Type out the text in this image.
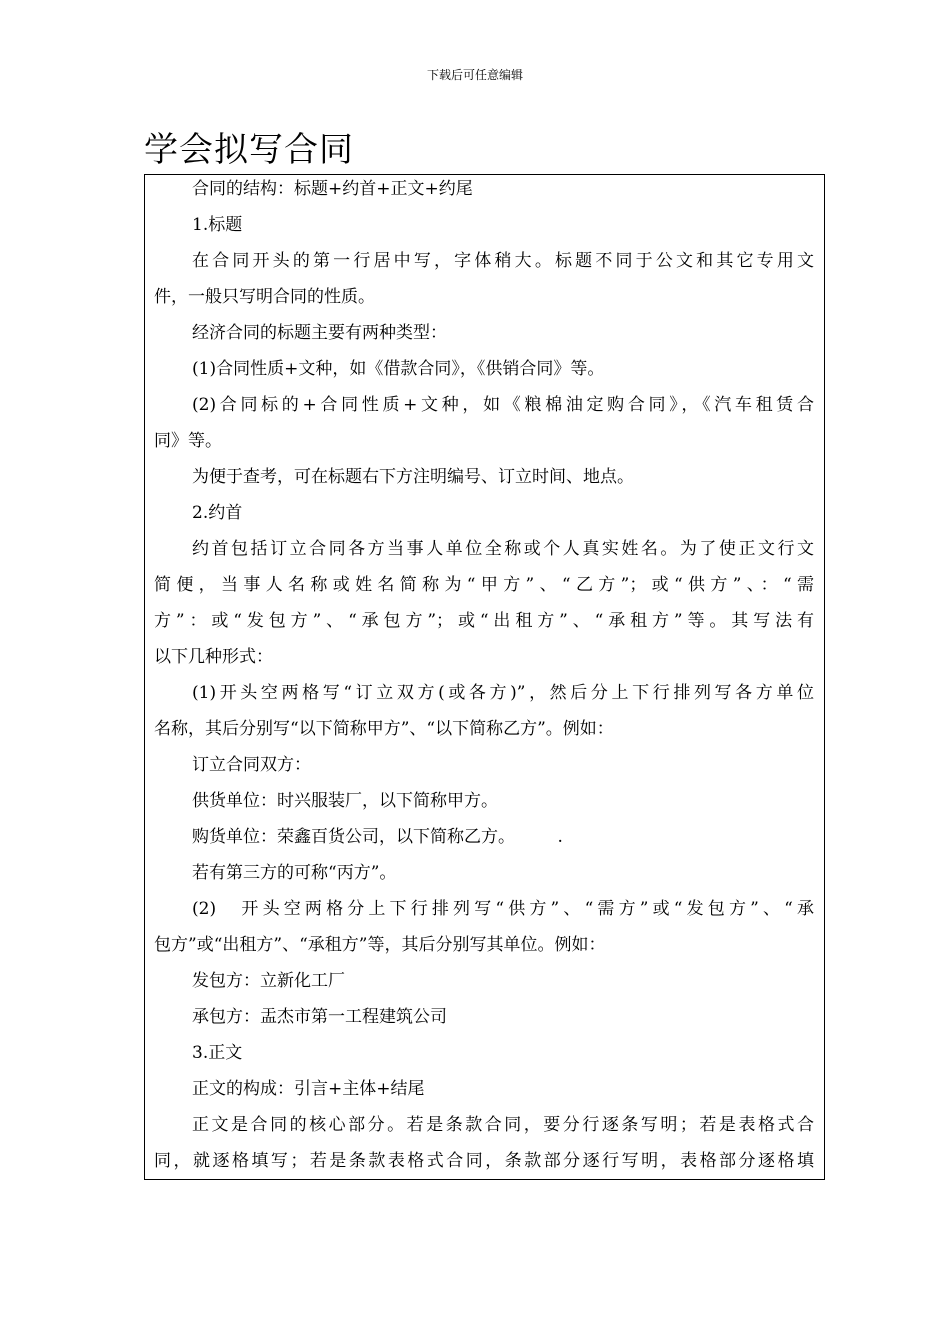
下载后可任意编辑
学会拟写合同
合同的结构：标题+约首+正文+约尾
1.标题
在合同开头的第一行居中写，字体稍大。标题不同于公文和其它专用文
件，一般只写明合同的性质。
经济合同的标题主要有两种类型：
(1)合同性质+文种，如《借款合同》，《供销合同》等。
(2)合同标的+合同性质+文种，如《粮棉油定购合同》，《汽车租赁合
同》等。
为便于查考，可在标题右下方注明编号、订立时间、地点。
2.约首
约首包括订立合同各方当事人单位全称或个人真实姓名。为了使正文行文
简便，当事人名称或姓名简称为“甲方”、“乙方”；或“供方”、：“需
方”：或“发包方”、“承包方”；或“出租方”、“承租方”等。其写法有
以下几种形式：
(1)开头空两格写“订立双方(或各方)”，然后分上下行排列写各方单位
名称，其后分别写“以下简称甲方”、“以下简称乙方”。例如：
订立合同双方：
供货单位：时兴服装厂，以下简称甲方。
购货单位：荣鑫百货公司，以下简称乙方。　　　.
若有第三方的可称“丙方”。
(2)　开头空两格分上下行排列写“供方”、“需方”或“发包方”、“承
包方”或“出租方”、“承租方”等，其后分别写其单位。例如：
发包方：立新化工厂
承包方：盂杰市第一工程建筑公司
3.正文
正文的构成：引言+主体+结尾
正文是合同的核心部分。若是条款合同，要分行逐条写明；若是表格式合
同，就逐格填写；若是条款表格式合同，条款部分逐行写明，表格部分逐格填
